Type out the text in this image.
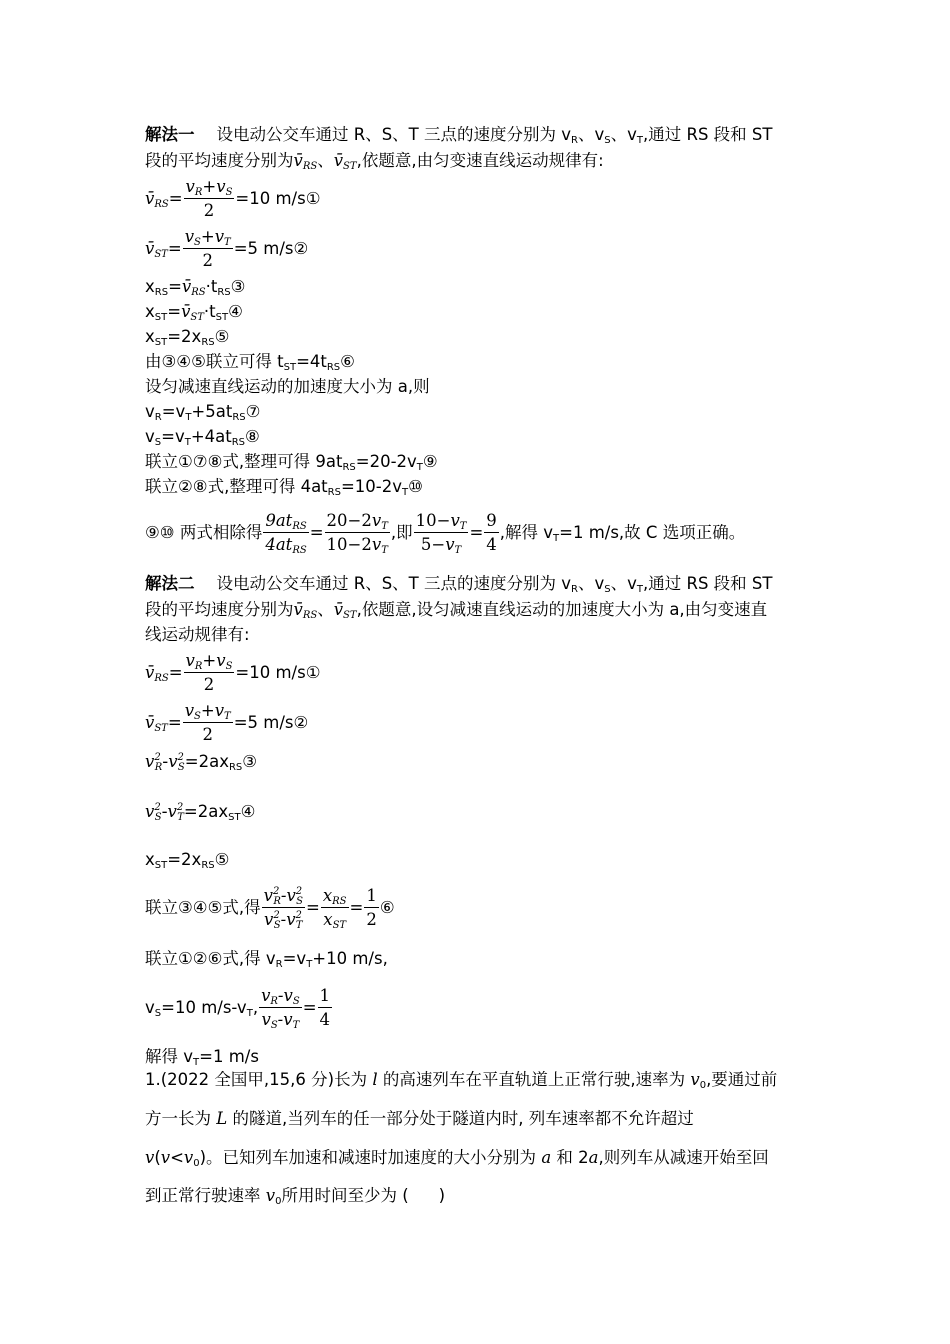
解法一 设电动公交车通过 R、S、T 三点的速度分别为 $v_R$、$v_S$、$v_T$,通过 RS 段和 ST
段的平均速度分别为$v̄_{RS}$、$v̄_{ST}$,依题意,由匀变速直线运动规律有:
$v̄_{RS}= \frac{v_R+v_S}{2} =10$ m/s①
$v̄_{ST}= \frac{v_S+v_T}{2} =5$ m/s②
$x_{RS}=v̄_{RS}\cdot t_{RS}③$
$x_{ST}=v̄_{ST}\cdot t_{ST}④$
$x_{ST}=2x_{RS}⑤$
由③④⑤联立可得 $t_{ST}=4t_{RS}⑥$
设匀减速直线运动的加速度大小为 a,则
$v_R=v_T+5at_{RS}⑦$
$v_S=v_T+4at_{RS}⑧$
联立①⑦⑧式,整理可得 $9at_{RS}=20-2v_T⑨$
联立②⑧式,整理可得 $4at_{RS}=10-2v_T⑩$
⑨⑩ 两式相除得 $\frac{9at_{RS}}{4at_{RS}} = \frac{20-2v_T}{10-2v_T}$ ,即 $\frac{10-v_T}{5-v_T} = \frac{9}{4}$ ,解得 $v_T=1$ m/s,故 C 选项正确。
解法二 设电动公交车通过 R、S、T 三点的速度分别为 $v_R$、$v_S$、$v_T$,通过 RS 段和 ST
段的平均速度分别为$v̄_{RS}$、$v̄_{ST}$,依题意,设匀减速直线运动的加速度大小为 a,由匀变速直
线运动规律有:
$v̄_{RS}= \frac{v_R+v_S}{2} =10$ m/s①
$v̄_{ST}= \frac{v_S+v_T}{2} =5$ m/s②
$v^2_R-v^2_S=2ax_{RS}③$
$v^2_S-v^2_T=2ax_{ST}④$
$x_{ST}=2x_{RS}⑤$
联立③④⑤式,得 $\frac{v^2_R-v^2_S}{v^2_S-v^2_T} = \frac{x_{RS}}{x_{ST}} = \frac{1}{2}$ ⑥
联立①②⑥式,得 $v_R=v_T+10$ m/s,
$v_S=10$ $m/s-v_T$, $\frac{v_R-v_S}{v_S-v_T} = \frac{1}{4}$
解得 $v_T=1$ m/s
1.(2022 全国甲,15,6 分)长为 l 的高速列车在平直轨道上正常行驶,速率为 $v_0$,要通过前
方一长为 L 的隧道,当列车的任一部分处于隧道内时, 列车速率都不允许超过
$v(v<v_0)$。已知列车加速和减速时加速度的大小分别为 a 和 2a,则列车从减速开始至回
到正常行驶速率 $v_0$所用时间至少为 ( )
